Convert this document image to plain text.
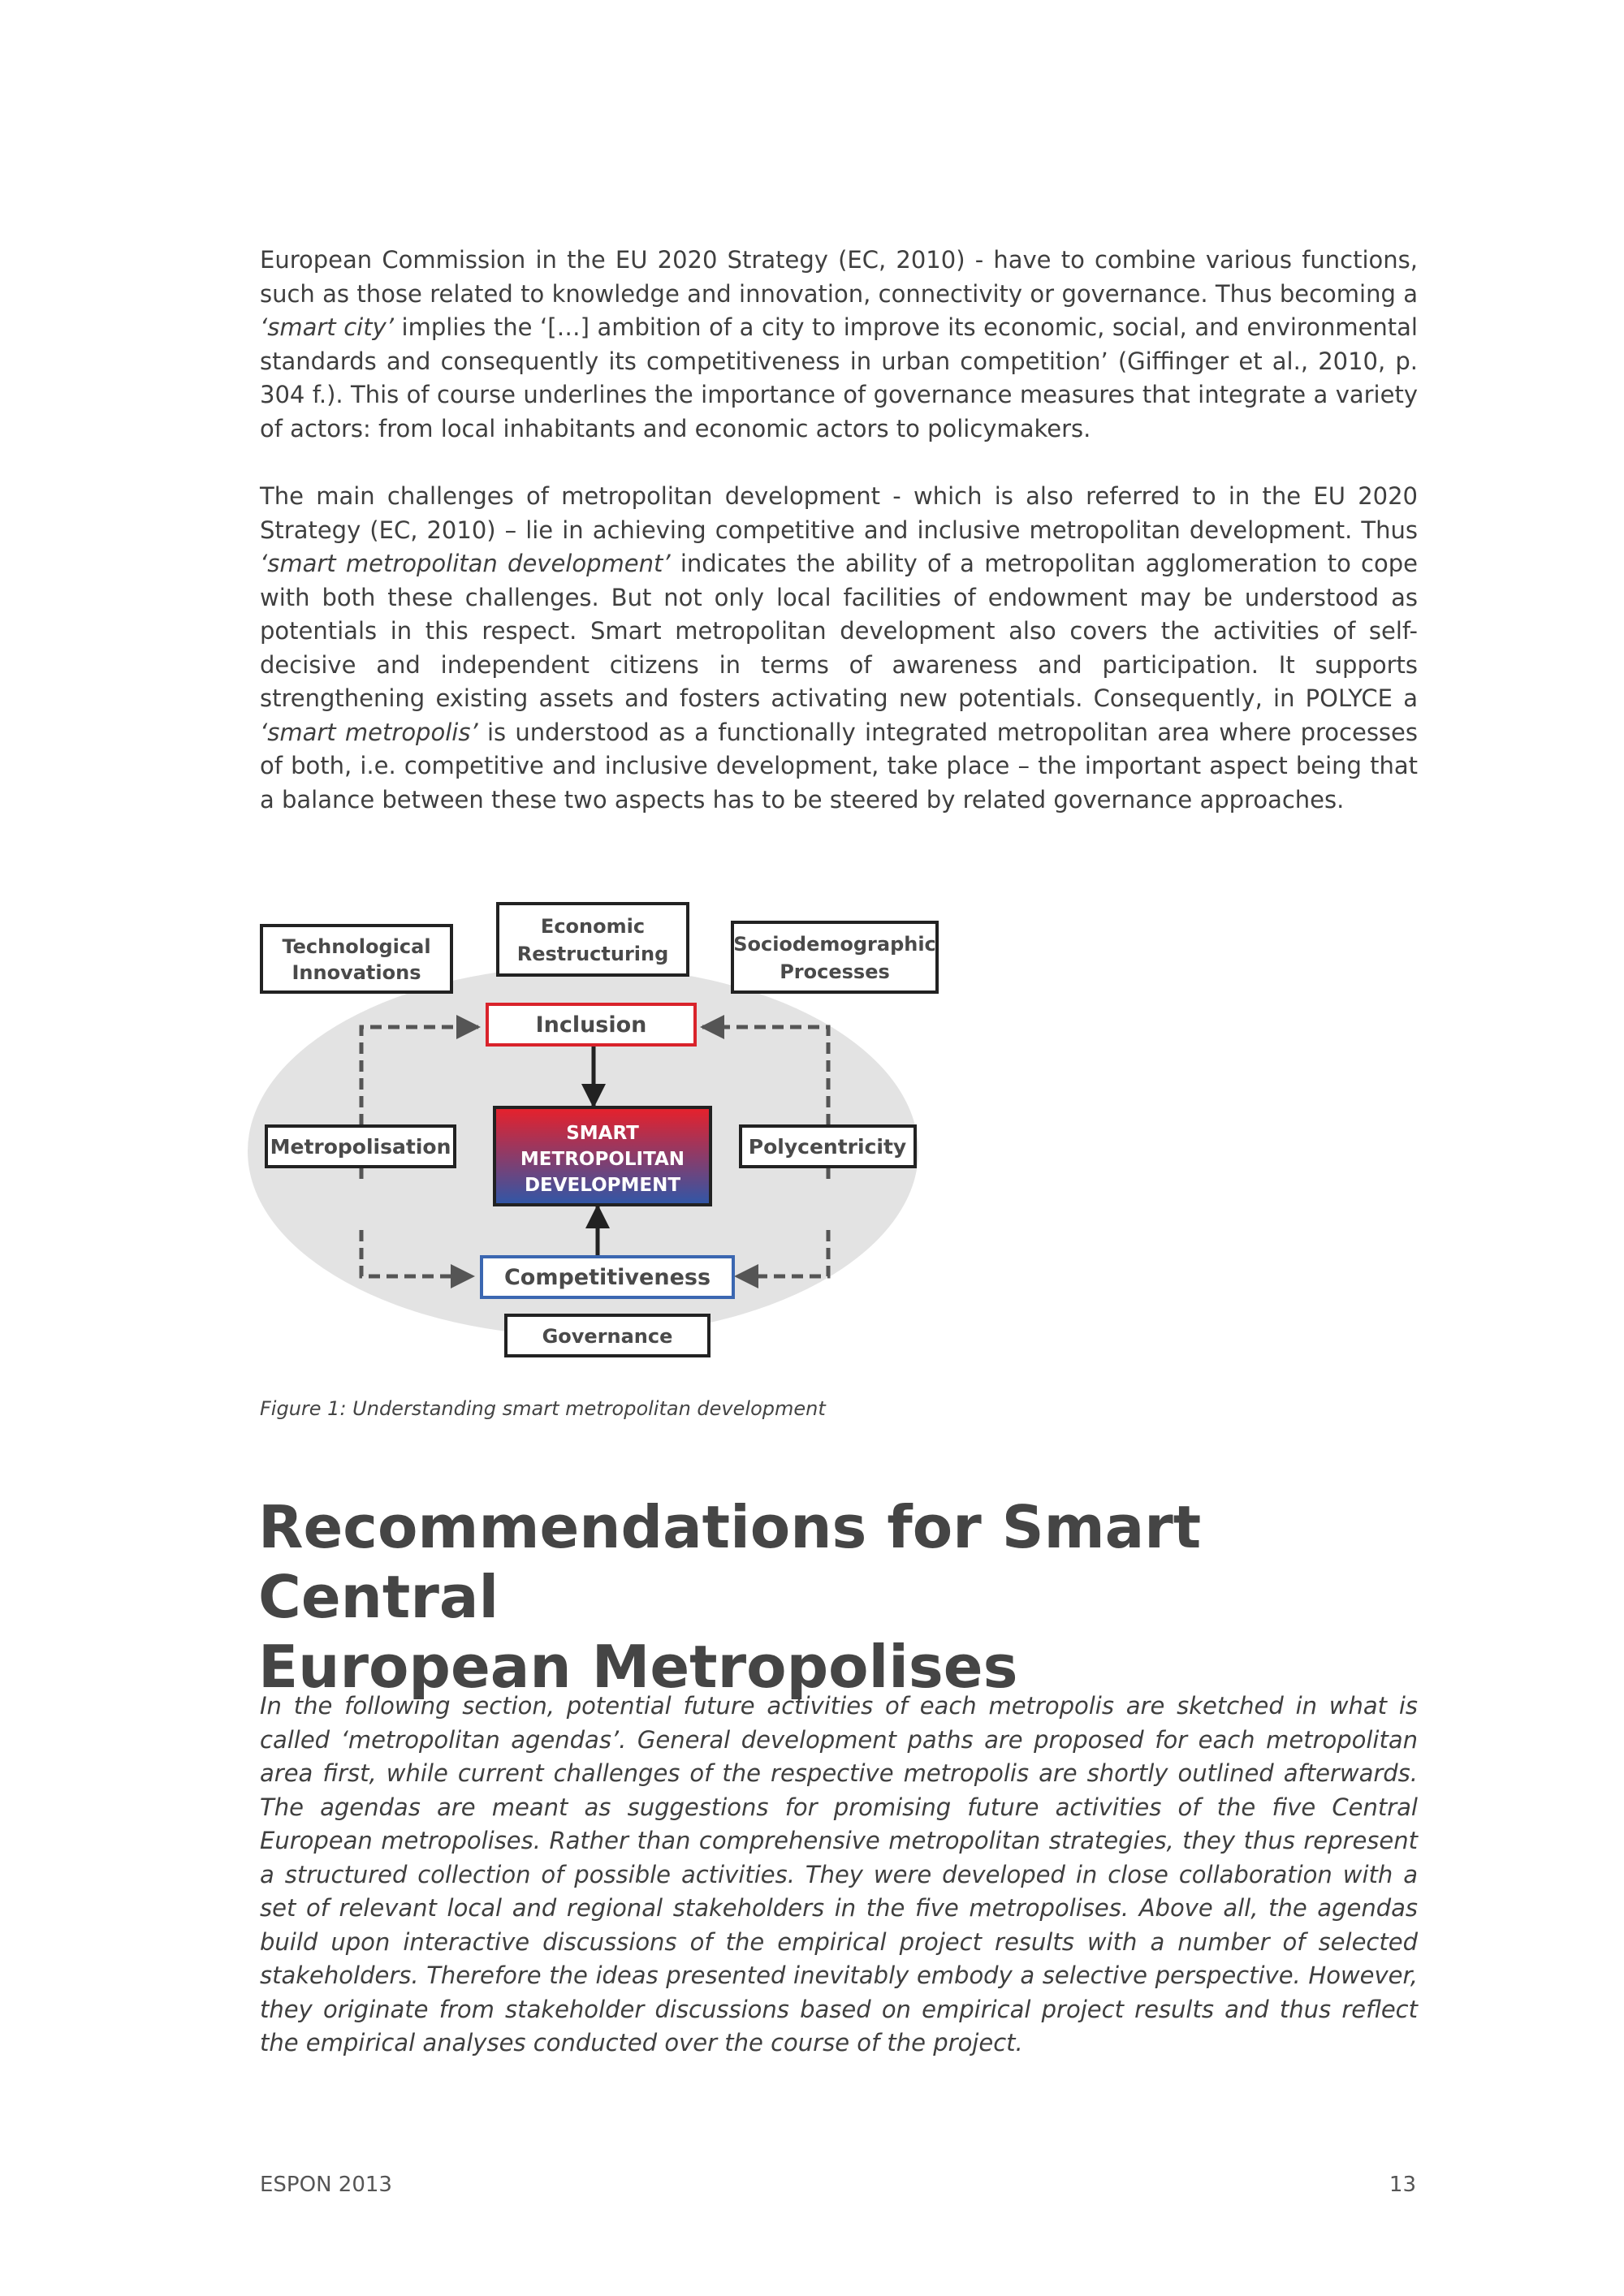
European Commission in the EU 2020 Strategy (EC, 2010) - have to combine various functions, such as those related to knowledge and innovation, connectivity or governance. Thus becoming a ‘smart city’ implies the ‘[…] ambition of a city to improve its economic, social, and environmental standards and consequently its competitiveness in urban competition’ (Giffinger et al., 2010, p. 304 f.). This of course underlines the importance of governance measures that integrate a variety of actors: from local inhabitants and economic actors to policymakers.

The main challenges of metropolitan development - which is also referred to in the EU 2020 Strategy (EC, 2010) – lie in achieving competitive and inclusive metropolitan development. Thus ‘smart metropolitan development’ indicates the ability of a metropolitan agglomeration to cope with both these challenges. But not only local facilities of endowment may be understood as potentials in this respect. Smart metropolitan development also covers the activities of self-decisive and independent citizens in terms of awareness and participation. It supports strengthening existing assets and fosters activating new potentials. Consequently, in POLYCE a ‘smart metropolis’ is understood as a functionally integrated metropolitan area where processes of both, i.e. competitive and inclusive development, take place – the important aspect being that a balance between these two aspects has to be steered by related governance approaches.

Technological
Innovations
Economic
Restructuring	Sociodemographic
Processes
Inclusion
Metropolisation	Polycentricity
SMART
METROPOLITAN
DEVELOPMENT
Competitiveness
Governance
Figure 1: Understanding smart metropolitan development
Recommendations for Smart Central
European Metropolises

In the following section, potential future activities of each metropolis are sketched in what is called ‘metropolitan agendas’. General development paths are proposed for each metropolitan area first, while current challenges of the respective metropolis are shortly outlined afterwards. The agendas are meant as suggestions for promising future activities of the five Central European metropolises. Rather than comprehensive metropolitan strategies, they thus represent a structured collection of possible activities. They were developed in close collaboration with a set of relevant local and regional stakeholders in the five metropolises. Above all, the agendas build upon interactive discussions of the empirical project results with a number of selected stakeholders. Therefore the ideas presented inevitably embody a selective perspective. However, they originate from stakeholder discussions based on empirical project results and thus reflect the empirical analyses conducted over the course of the project.

ESPON 2013	13
